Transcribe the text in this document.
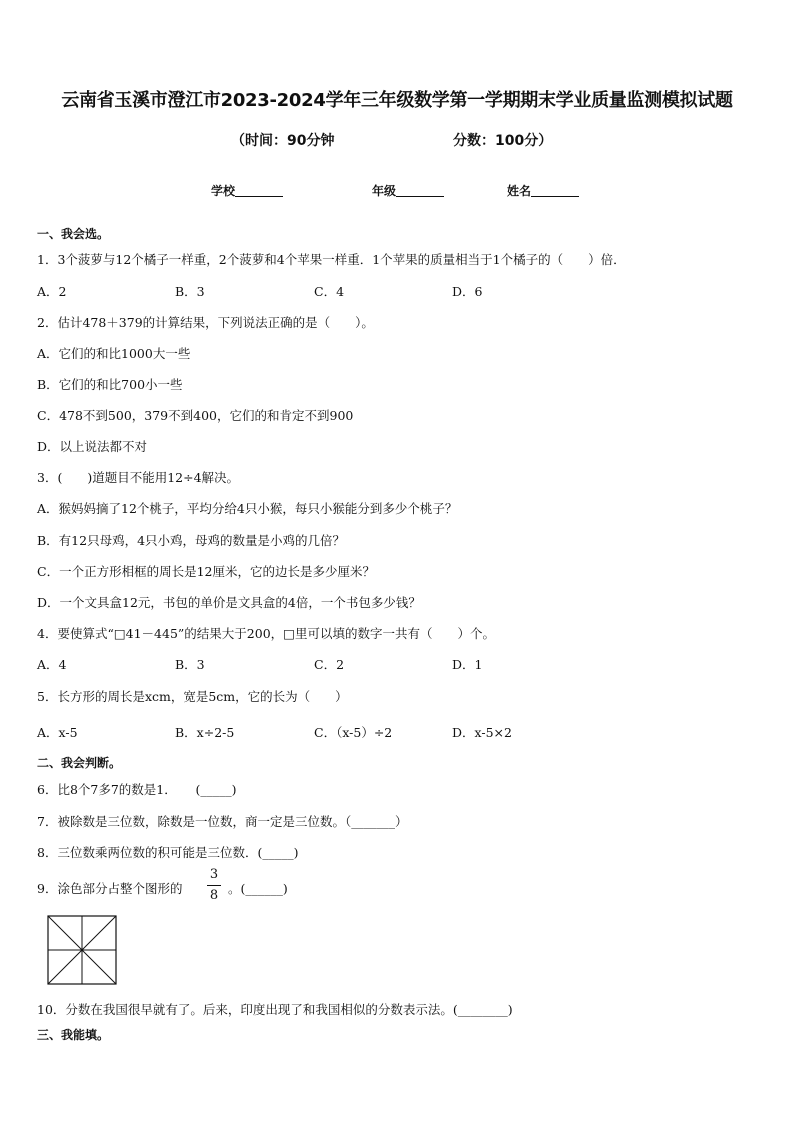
云南省玉溪市澄江市2023-2024学年三年级数学第一学期期末学业质量监测模拟试题
（时间：90分钟	分数：100分）
学校	年级	姓名
一、我会选。
1．3个菠萝与12个橘子一样重，2个菠萝和4个苹果一样重．1个苹果的质量相当于1个橘子的（　　）倍．
A．2	B．3	C．4	D．6
2．估计478＋379的计算结果，下列说法正确的是（　　）。
A．它们的和比1000大一些
B．它们的和比700小一些
C．478不到500，379不到400，它们的和肯定不到900
D．以上说法都不对
3．(　　)道题目不能用12÷4解决。
A．猴妈妈摘了12个桃子，平均分给4只小猴，每只小猴能分到多少个桃子？
B．有12只母鸡，4只小鸡，母鸡的数量是小鸡的几倍？
C．一个正方形相框的周长是12厘米，它的边长是多少厘米？
D．一个文具盒12元，书包的单价是文具盒的4倍，一个书包多少钱？
4．要使算式“□41－445”的结果大于200，□里可以填的数字一共有（　　）个。
A．4	B．3	C．2	D．1
5．长方形的周长是xcm，宽是5cm，它的长为（　　）
A．x-5	B．x÷2-5	C．（x-5）÷2	D．x-5×2
二、我会判断。
6．比8个7多7的数是1．　　(_____)
7．被除数是三位数，除数是一位数，商一定是三位数。（_______）
8．三位数乘两位数的积可能是三位数．(_____)
9．涂色部分占整个图形的
3
8 。(______)
10．分数在我国很早就有了。后来，印度出现了和我国相似的分数表示法。(________)
三、我能填。
